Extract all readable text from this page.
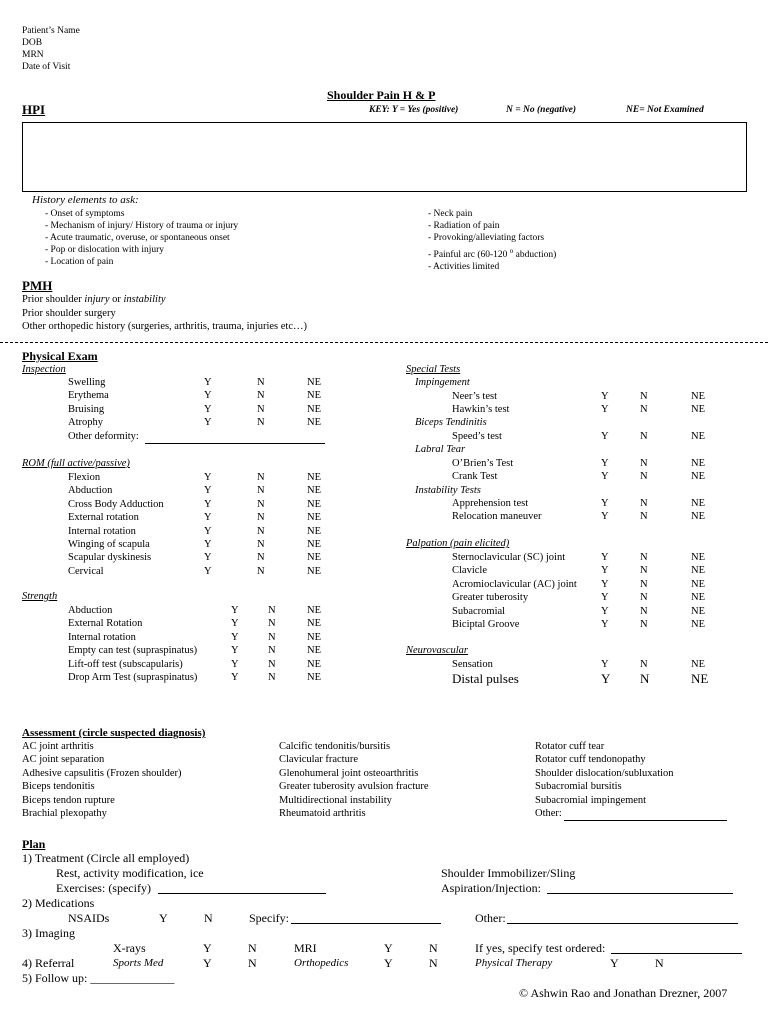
Patient’s Name
DOB
MRN
Date of Visit
Shoulder Pain H & P
HPI	KEY: Y = Yes (positive)	N = No (negative)	NE= Not Examined
History elements to ask:
- Onset of symptoms
- Mechanism of injury/ History of trauma or injury
- Acute traumatic, overuse, or spontaneous onset
- Pop or dislocation with injury
- Location of pain
- Neck pain
- Radiation of pain
- Provoking/alleviating factors
- Painful arc (60-120 $^o$ abduction)
- Activities limited
PMH
Prior shoulder injury or instability
Prior shoulder surgery
Other orthopedic history (surgeries, arthritis, trauma, injuries etc…)
Physical Exam
Assessment (circle suspected diagnosis)
Plan
1) Treatment (Circle all employed)
Rest, activity modification, ice
Exercises: (specify)
Shoulder Immobilizer/Sling
Aspiration/Injection:
2) Medications
NSAIDs	Y	N	Specify:	Other:
3) Imaging
X-rays	Y	N	MRI	Y	N	If yes, specify test ordered:
4) Referral	Sports Med	Y	N	Orthopedics	Y	N	Physical Therapy	Y	N
5) Follow up: ______________
© Ashwin Rao and Jonathan Drezner, 2007
Inspection
Swelling	Y	N	NE
Erythema	Y	N	NE
Bruising	Y	N	NE
Atrophy	Y	N	NE
Other deformity:
ROM (full active/passive)
Flexion	Y	N	NE
Abduction	Y	N	NE
Cross Body Adduction	Y	N	NE
External rotation	Y	N	NE
Internal rotation	Y	N	NE
Winging of scapula	Y	N	NE
Scapular dyskinesis	Y	N	NE
Cervical	Y	N	NE
Strength
Abduction	Y	N	NE
External Rotation	Y	N	NE
Internal rotation	Y	N	NE
Empty can test (supraspinatus)	Y	N	NE
Lift-off test (subscapularis)	Y	N	NE
Drop Arm Test (supraspinatus)	Y	N	NE
Special Tests
Impingement
Neer’s test	Y	N	NE
Hawkin’s test	Y	N	NE
Biceps Tendinitis
Speed’s test	Y	N	NE
Labral Tear
O’Brien’s Test	Y	N	NE
Crank Test	Y	N	NE
Instability Tests
Apprehension test	Y	N	NE
Relocation maneuver	Y	N	NE
Palpation (pain elicited)
Sternoclavicular (SC) joint	Y	N	NE
Clavicle	Y	N	NE
Acromioclavicular (AC) joint Y	N	NE
Greater tuberosity	Y	N	NE
Subacromial	Y	N	NE
Biciptal Groove	Y	N	NE
Neurovascular
Sensation	Y	N	NE
Distal pulses	Y N	NE
AC joint arthritis
AC joint separation
Adhesive capsulitis (Frozen shoulder)
Biceps tendonitis
Biceps tendon rupture
Brachial plexopathy
Calcific tendonitis/bursitis
Clavicular fracture
Glenohumeral joint osteoarthritis
Greater tuberosity avulsion fracture
Multidirectional instability
Rheumatoid arthritis
Rotator cuff tear
Rotator cuff tendonopathy
Shoulder dislocation/subluxation
Subacromial bursitis
Subacromial impingement
Other:
